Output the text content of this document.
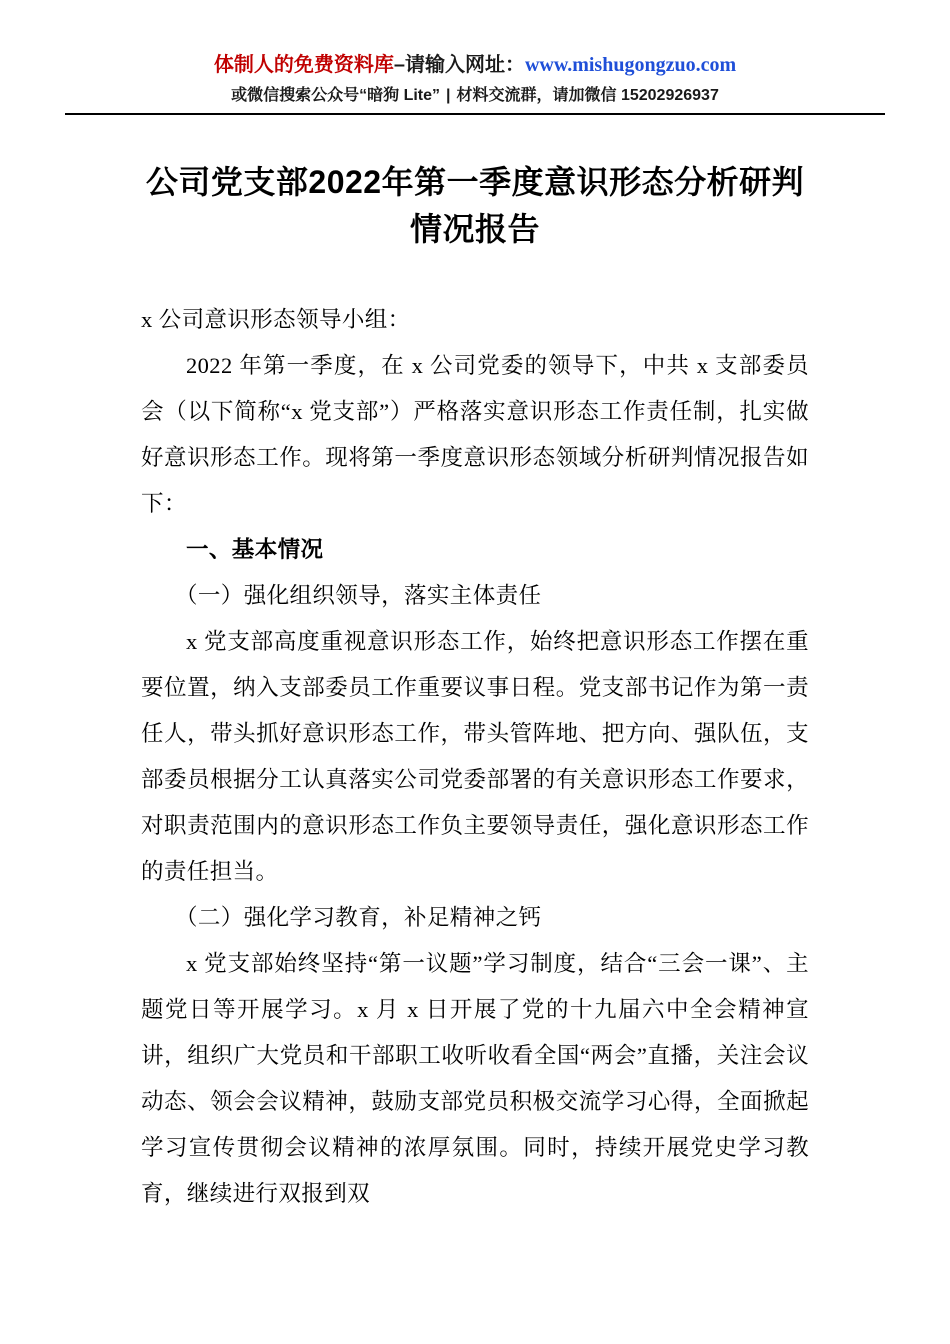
体制人的免费资料库–请输入网址：www.mishugongzuo.com
或微信搜索公众号“暗狗 Lite” | 材料交流群，请加微信 15202926937
公司党支部2022年第一季度意识形态分析研判情况报告

x 公司意识形态领导小组：

2022 年第一季度，在 x 公司党委的领导下，中共 x 支部委员会（以下简称“x 党支部”）严格落实意识形态工作责任制，扎实做好意识形态工作。现将第一季度意识形态领域分析研判情况报告如下：

一、基本情况

（一）强化组织领导，落实主体责任

x 党支部高度重视意识形态工作，始终把意识形态工作摆在重要位置，纳入支部委员工作重要议事日程。党支部书记作为第一责任人，带头抓好意识形态工作，带头管阵地、把方向、强队伍，支部委员根据分工认真落实公司党委部署的有关意识形态工作要求，对职责范围内的意识形态工作负主要领导责任，强化意识形态工作的责任担当。

（二）强化学习教育，补足精神之钙

x 党支部始终坚持“第一议题”学习制度，结合“三会一课”、主题党日等开展学习。x 月 x 日开展了党的十九届六中全会精神宣讲，组织广大党员和干部职工收听收看全国“两会”直播，关注会议动态、领会会议精神，鼓励支部党员积极交流学习心得，全面掀起学习宣传贯彻会议精神的浓厚氛围。同时，持续开展党史学习教育，继续进行双报到双
